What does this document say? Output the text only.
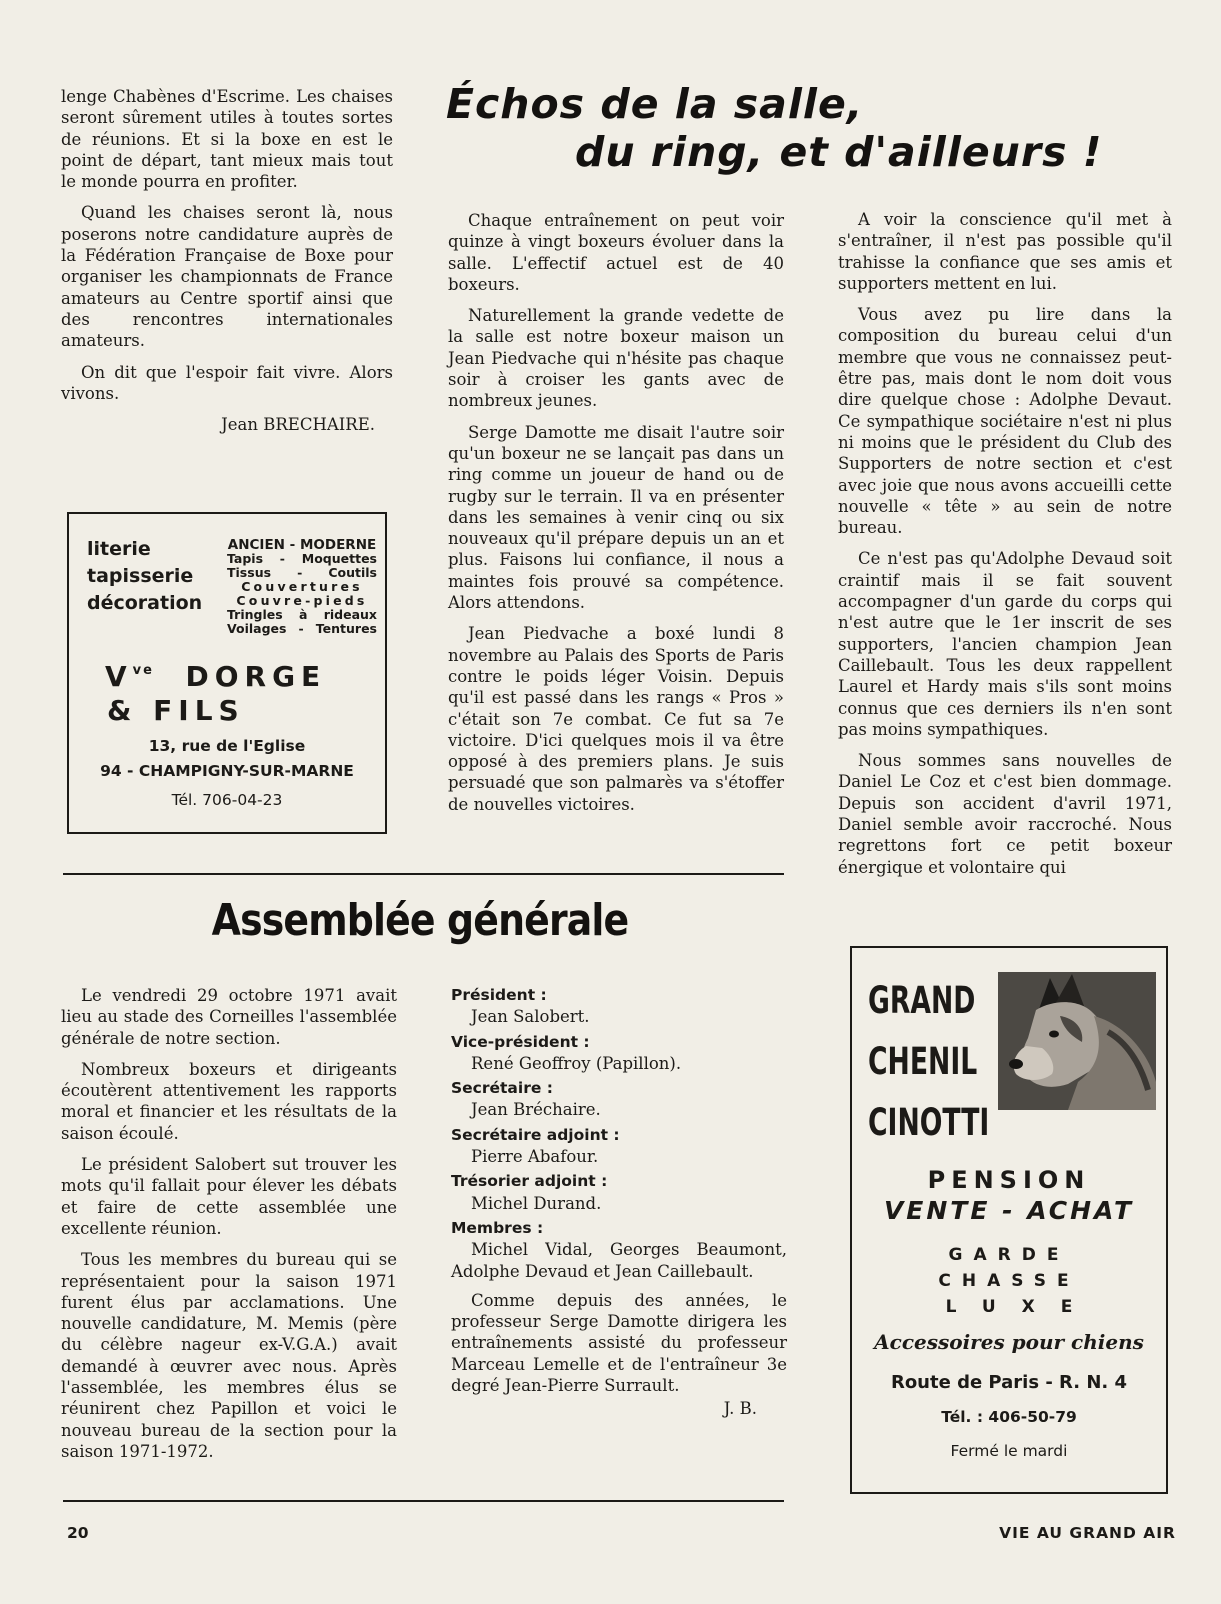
lenge Chabènes d'Escrime. Les chaises seront sûrement utiles à toutes sortes de réunions. Et si la boxe en est le point de départ, tant mieux mais tout le monde pourra en profiter.

Quand les chaises seront là, nous poserons notre candidature auprès de la Fédération Française de Boxe pour organiser les championnats de France amateurs au Centre sportif ainsi que des rencontres internationales amateurs.

On dit que l'espoir fait vivre. Alors vivons.

Jean BRECHAIRE.

Échos de la salle,
du ring, et d'ailleurs !

Chaque entraînement on peut voir quinze à vingt boxeurs évoluer dans la salle. L'effectif actuel est de 40 boxeurs.

Naturellement la grande vedette de la salle est notre boxeur maison un Jean Piedvache qui n'hésite pas chaque soir à croiser les gants avec de nombreux jeunes.

Serge Damotte me disait l'autre soir qu'un boxeur ne se lançait pas dans un ring comme un joueur de hand ou de rugby sur le terrain. Il va en présenter dans les semaines à venir cinq ou six nouveaux qu'il prépare depuis un an et plus. Faisons lui confiance, il nous a maintes fois prouvé sa compétence. Alors attendons.

Jean Piedvache a boxé lundi 8 novembre au Palais des Sports de Paris contre le poids léger Voisin. Depuis qu'il est passé dans les rangs « Pros » c'était son 7e combat. Ce fut sa 7e victoire. D'ici quelques mois il va être opposé à des premiers plans. Je suis persuadé que son palmarès va s'étoffer de nouvelles victoires.

A voir la conscience qu'il met à s'entraîner, il n'est pas possible qu'il trahisse la confiance que ses amis et supporters mettent en lui.

Vous avez pu lire dans la composition du bureau celui d'un membre que vous ne connaissez peut-être pas, mais dont le nom doit vous dire quelque chose : Adolphe Devaut. Ce sympathique sociétaire n'est ni plus ni moins que le président du Club des Supporters de notre section et c'est avec joie que nous avons accueilli cette nouvelle « tête » au sein de notre bureau.

Ce n'est pas qu'Adolphe Devaud soit craintif mais il se fait souvent accompagner d'un garde du corps qui n'est autre que le 1er inscrit de ses supporters, l'ancien champion Jean Caillebault. Tous les deux rappellent Laurel et Hardy mais s'ils sont moins connus que ces derniers ils n'en sont pas moins sympathiques.

Nous sommes sans nouvelles de Daniel Le Coz et c'est bien dommage. Depuis son accident d'avril 1971, Daniel semble avoir raccroché. Nous regrettons fort ce petit boxeur énergique et volontaire qui

literie
tapisserie
décoration
ANCIEN - MODERNE
Tapis - Moquettes
Tissus - Coutils
Couvertures
Couvre-pieds
Tringles à rideaux
Voilages - Tentures
$V^{ve}$ DORGE
& FILS
13, rue de l'Eglise
94 - CHAMPIGNY-SUR-MARNE
Tél. 706-04-23
Assemblée générale

Le vendredi 29 octobre 1971 avait lieu au stade des Corneilles l'assemblée générale de notre section.

Nombreux boxeurs et dirigeants écoutèrent attentivement les rapports moral et financier et les résultats de la saison écoulé.

Le président Salobert sut trouver les mots qu'il fallait pour élever les débats et faire de cette assemblée une excellente réunion.

Tous les membres du bureau qui se représentaient pour la saison 1971 furent élus par acclamations. Une nouvelle candidature, M. Memis (père du célèbre nageur ex-V.G.A.) avait demandé à œuvrer avec nous. Après l'assemblée, les membres élus se réunirent chez Papillon et voici le nouveau bureau de la section pour la saison 1971-1972.

Président :
Jean Salobert.
Vice-président :
René Geoffroy (Papillon).
Secrétaire :
Jean Bréchaire.
Secrétaire adjoint :
Pierre Abafour.
Trésorier adjoint :
Michel Durand.
Membres :
Michel Vidal, Georges Beaumont, Adolphe Devaud et Jean Caillebault.

Comme depuis des années, le professeur Serge Damotte dirigera les entraînements assisté du professeur Marceau Lemelle et de l'entraîneur 3e degré Jean-Pierre Surrault.

J. B.

GRAND
CHENIL
CINOTTI
PENSION
VENTE - ACHAT
GARDE
CHASSE
LUXE
Accessoires pour chiens
Route de Paris - R. N. 4
Tél. : 406-50-79
Fermé le mardi
20	VIE AU GRAND AIR
